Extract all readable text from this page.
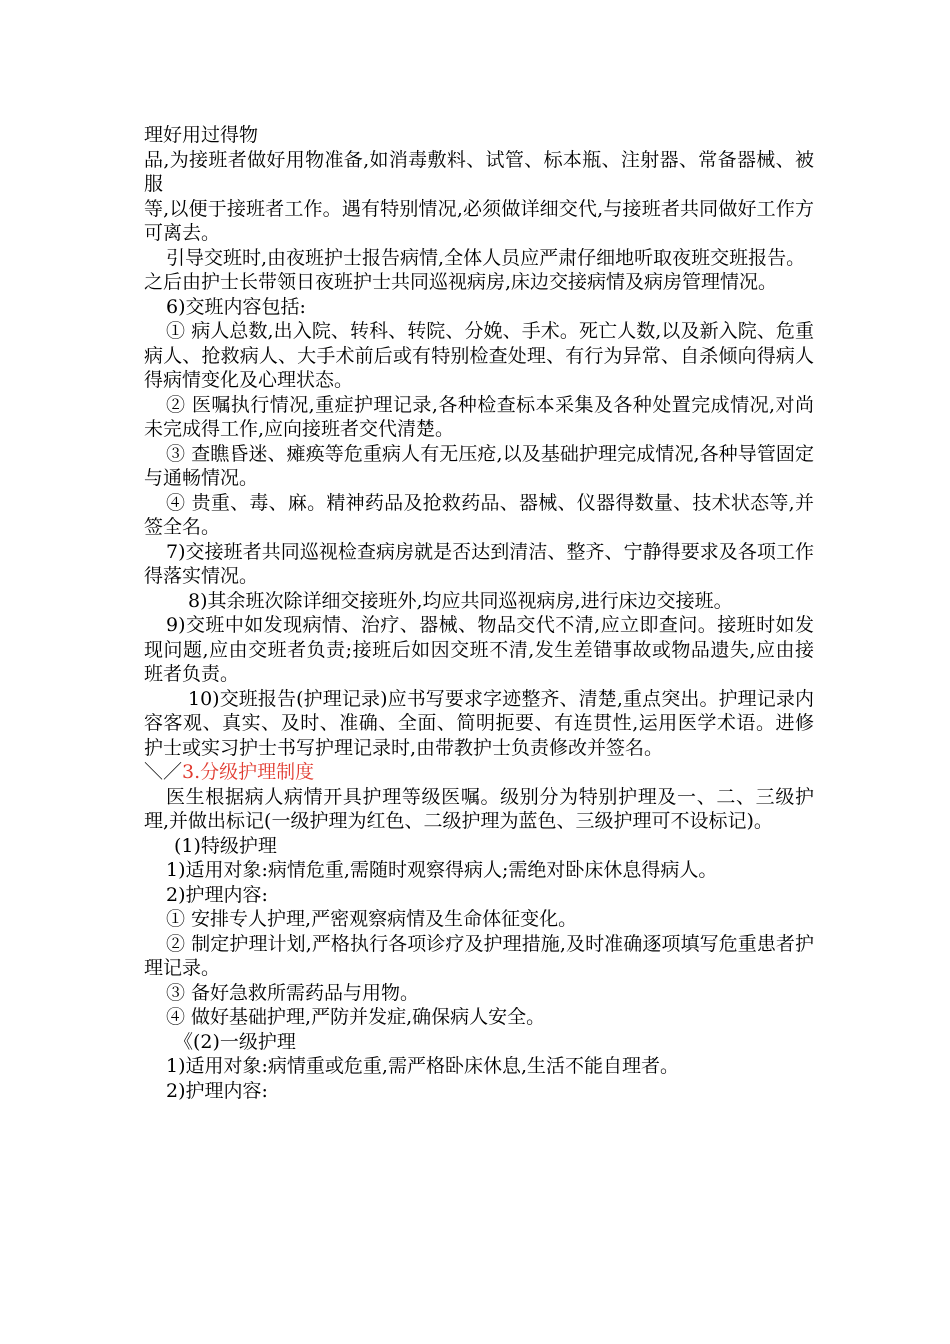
理好用过得物

品,为接班者做好用物准备,如消毒敷料、试管、标本瓶、注射器、常备器械、被服

等,以便于接班者工作。遇有特别情况,必须做详细交代,与接班者共同做好工作方可离去。

引导交班时,由夜班护士报告病情,全体人员应严肃仔细地听取夜班交班报告。

之后由护士长带领日夜班护士共同巡视病房,床边交接病情及病房管理情况。

6)交班内容包括:

① 病人总数,出入院、转科、转院、分娩、手术。死亡人数,以及新入院、危重病人、抢救病人、大手术前后或有特别检查处理、有行为异常、自杀倾向得病人得病情变化及心理状态。

② 医嘱执行情况,重症护理记录,各种检查标本采集及各种处置完成情况,对尚未完成得工作,应向接班者交代清楚。

③ 查瞧昏迷、瘫痪等危重病人有无压疮,以及基础护理完成情况,各种导管固定与通畅情况。

④ 贵重、毒、麻。精神药品及抢救药品、器械、仪器得数量、技术状态等,并签全名。

7)交接班者共同巡视检查病房就是否达到清洁、整齐、宁静得要求及各项工作得落实情况。

8)其余班次除详细交接班外,均应共同巡视病房,进行床边交接班。

9)交班中如发现病情、治疗、器械、物品交代不清,应立即查问。接班时如发现问题,应由交班者负责;接班后如因交班不清,发生差错事故或物品遗失,应由接班者负责。

10)交班报告(护理记录)应书写要求字迹整齐、清楚,重点突出。护理记录内容客观、真实、及时、准确、全面、简明扼要、有连贯性,运用医学术语。进修护士或实习护士书写护理记录时,由带教护士负责修改并签名。

＼／3.分级护理制度

医生根据病人病情开具护理等级医嘱。级别分为特别护理及一、二、三级护理,并做出标记(一级护理为红色、二级护理为蓝色、三级护理可不设标记)。

(1)特级护理

1)适用对象:病情危重,需随时观察得病人;需绝对卧床休息得病人。

2)护理内容:

① 安排专人护理,严密观察病情及生命体征变化。

② 制定护理计划,严格执行各项诊疗及护理措施,及时准确逐项填写危重患者护理记录。

③ 备好急救所需药品与用物。

④ 做好基础护理,严防并发症,确保病人安全。

《(2)一级护理

1)适用对象:病情重或危重,需严格卧床休息,生活不能自理者。

2)护理内容:
